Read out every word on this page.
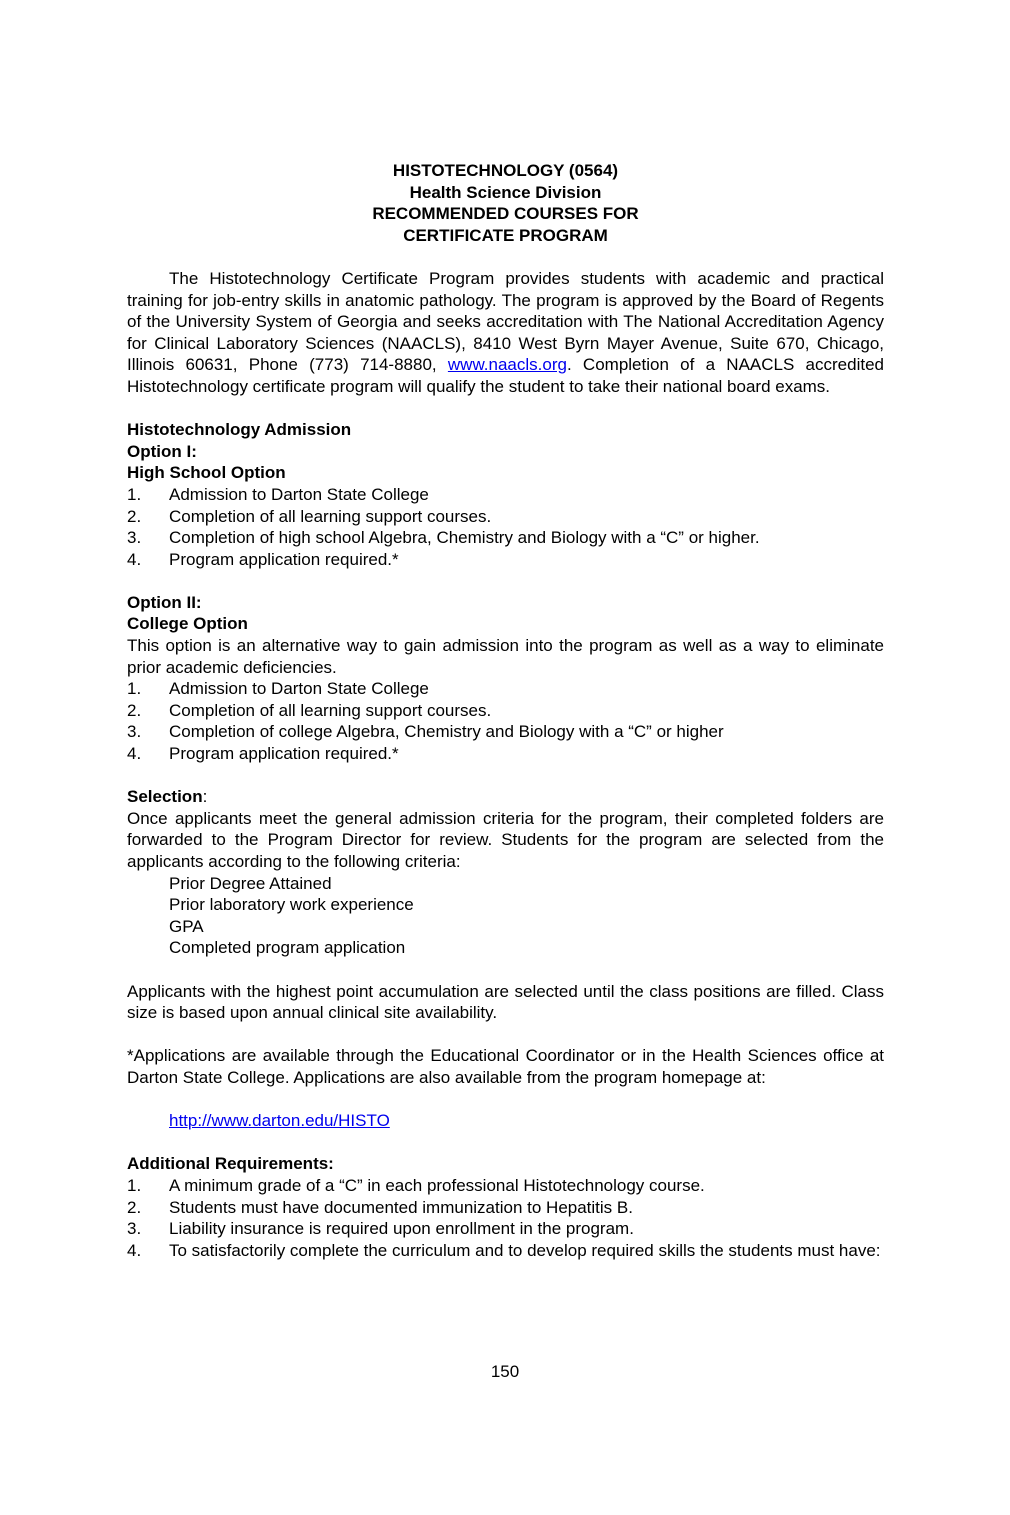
HISTOTECHNOLOGY (0564)

Health Science Division

RECOMMENDED COURSES FOR

CERTIFICATE PROGRAM

The Histotechnology Certificate Program provides students with academic and practical training for job-entry skills in anatomic pathology. The program is approved by the Board of Regents of the University System of Georgia and seeks accreditation with The National Accreditation Agency for Clinical Laboratory Sciences (NAACLS), 8410 West Byrn Mayer Avenue, Suite 670, Chicago, Illinois 60631, Phone (773) 714-8880, www.naacls.org. Completion of a NAACLS accredited Histotechnology certificate program will qualify the student to take their national board exams.

Histotechnology Admission

Option I:

High School Option

1.	Admission to Darton State College
2.	Completion of all learning support courses.
3.	Completion of high school Algebra, Chemistry and Biology with a “C” or higher.
4.	Program application required.*

Option II:

College Option

This option is an alternative way to gain admission into the program as well as a way to eliminate prior academic deficiencies.

1.	Admission to Darton State College
2.	Completion of all learning support courses.
3.	Completion of college Algebra, Chemistry and Biology with a “C” or higher
4.	Program application required.*

Selection:

Once applicants meet the general admission criteria for the program, their completed folders are forwarded to the Program Director for review. Students for the program are selected from the applicants according to the following criteria:

Prior Degree Attained
Prior laboratory work experience
GPA
Completed program application

Applicants with the highest point accumulation are selected until the class positions are filled. Class size is based upon annual clinical site availability.

*Applications are available through the Educational Coordinator or in the Health Sciences office at Darton State College. Applications are also available from the program homepage at:

http://www.darton.edu/HISTO

Additional Requirements:

1.	A minimum grade of a “C” in each professional Histotechnology course.
2.	Students must have documented immunization to Hepatitis B.
3.	Liability insurance is required upon enrollment in the program.
4.	To satisfactorily complete the curriculum and to develop required skills the students must have:
150
